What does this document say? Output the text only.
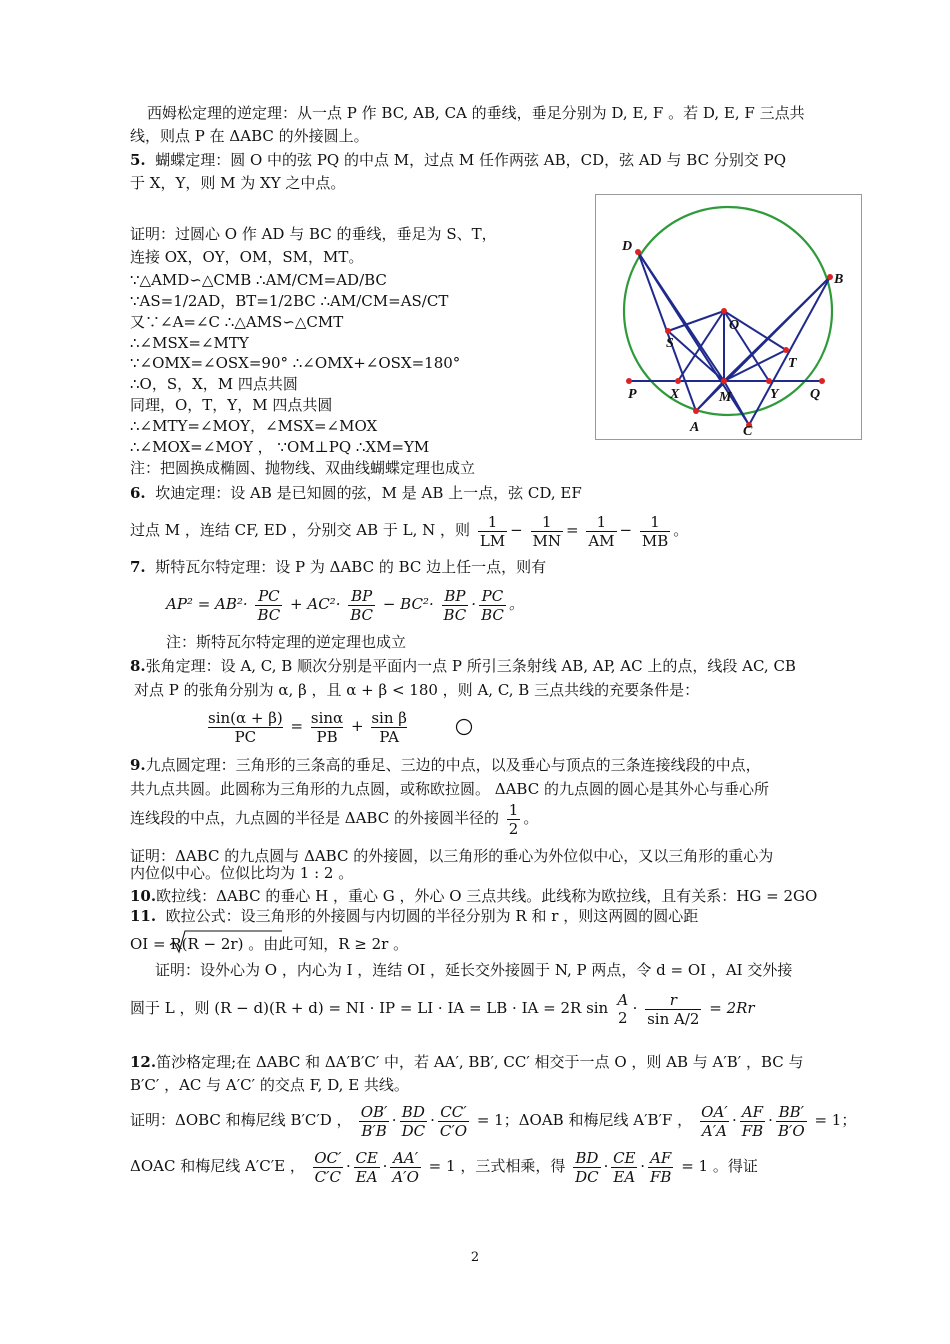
西姆松定理的逆定理：从一点 P 作 BC, AB, CA 的垂线，垂足分别为 D, E, F 。若 D, E, F 三点共
线，则点 P 在 ΔABC 的外接圆上。
5. 蝴蝶定理：圆 O 中的弦 PQ 的中点 M，过点 M 任作两弦 AB，CD，弦 AD 与 BC 分别交 PQ
于 X，Y，则 M 为 XY 之中点。
证明：过圆心 O 作 AD 与 BC 的垂线，垂足为 S、T，
连接 OX，OY，OM，SM，MT。
∵△AMD∽△CMB ∴AM/CM=AD/BC
∵AS=1/2AD，BT=1/2BC ∴AM/CM=AS/CT
又∵∠A=∠C ∴△AMS∽△CMT
∴∠MSX=∠MTY
∵∠OMX=∠OSX=90° ∴∠OMX+∠OSX=180°
∴O，S，X，M 四点共圆
同理，O，T，Y，M 四点共圆
∴∠MTY=∠MOY，∠MSX=∠MOX
∴∠MOX=∠MOY ， ∵OM⊥PQ ∴XM=YM
注：把圆换成椭圆、抛物线、双曲线蝴蝶定理也成立
D
B
O
S
T
P X	M	Y Q
A	C
6. 坎迪定理：设 AB 是已知圆的弦，M 是 AB 上一点，弦 CD, EF
过点 M ，连结 CF, ED ，分别交 AB 于 L, N ，则 $\frac{1}{LM} - \frac{1}{MN} = \frac{1}{AM} - \frac{1}{MB}$ 。
7. 斯特瓦尔特定理：设 P 为 ΔABC 的 BC 边上任一点，则有
$AP^2 = AB^2\cdot \frac{PC}{BC} + AC^2\cdot \frac{BP}{BC} - BC^2\cdot \frac{BP}{BC} \cdot \frac{PC}{BC}$ 。
注：斯特瓦尔特定理的逆定理也成立
8.张角定理：设 A, C, B 顺次分别是平面内一点 P 所引三条射线 AB, AP, AC 上的点，线段 AC, CB
对点 P 的张角分别为 α, β ，且 α + β < 180 ，则 A, C, B 三点共线的充要条件是：
$\frac{\sin(\alpha + \beta)}{PC} = \frac{\sin\alpha}{PB} + \frac{\text{sin β}}{PA}$
9.九点圆定理：三角形的三条高的垂足、三边的中点，以及垂心与顶点的三条连接线段的中点，
共九点共圆。此圆称为三角形的九点圆，或称欧拉圆。 ΔABC 的九点圆的圆心是其外心与垂心所
连线段的中点，九点圆的半径是 ΔABC 的外接圆半径的 $\frac{1}{2}$ 。
证明：ΔABC 的九点圆与 ΔABC 的外接圆，以三角形的垂心为外位似中心，又以三角形的重心为
内位似中心。位似比均为 1 : 2 。
10.欧拉线：ΔABC 的垂心 H ，重心 G ，外心 O 三点共线。此线称为欧拉线，且有关系：HG = 2GO
11. 欧拉公式：设三角形的外接圆与内切圆的半径分别为 R 和 r ，则这两圆的圆心距
OI = R(R − 2r) 。由此可知，R ≥ 2r 。
证明：设外心为 O ，内心为 I ，连结 OI ，延长交外接圆于 N, P 两点，令 d = OI ，AI 交外接
圆于 L ，则 (R − d)(R + d) = NI · IP = LI · IA = LB · IA = 2R sin A
2
· $\frac{r}{\text{sin A/2}} = 2Rr$
12.笛沙格定理;在 ΔABC 和 ΔA′B′C′ 中，若 AA′, BB′, CC′ 相交于一点 O ，则 AB 与 A′B′ ，BC 与
B′C′ ，AC 与 A′C′ 的交点 F, D, E 共线。
证明：ΔOBC 和梅尼线 B′C′D ， $\frac{OB'}{B'B} \cdot \frac{BD}{DC} \cdot \frac{CC'}{C'O} = 1$；ΔOAB 和梅尼线 A′B′F ， $\frac{OA'}{A'A} \cdot \frac{AF}{FB} \cdot \frac{BB'}{B'O} = 1$；
ΔOAC 和梅尼线 A′C′E ， $\frac{OC'}{C'C} \cdot \frac{CE}{EA} \cdot \frac{AA'}{A'O} = 1$ ，三式相乘，得 $\frac{BD}{DC} \cdot \frac{CE}{EA} \cdot \frac{AF}{FB} = 1$ 。得证
2
